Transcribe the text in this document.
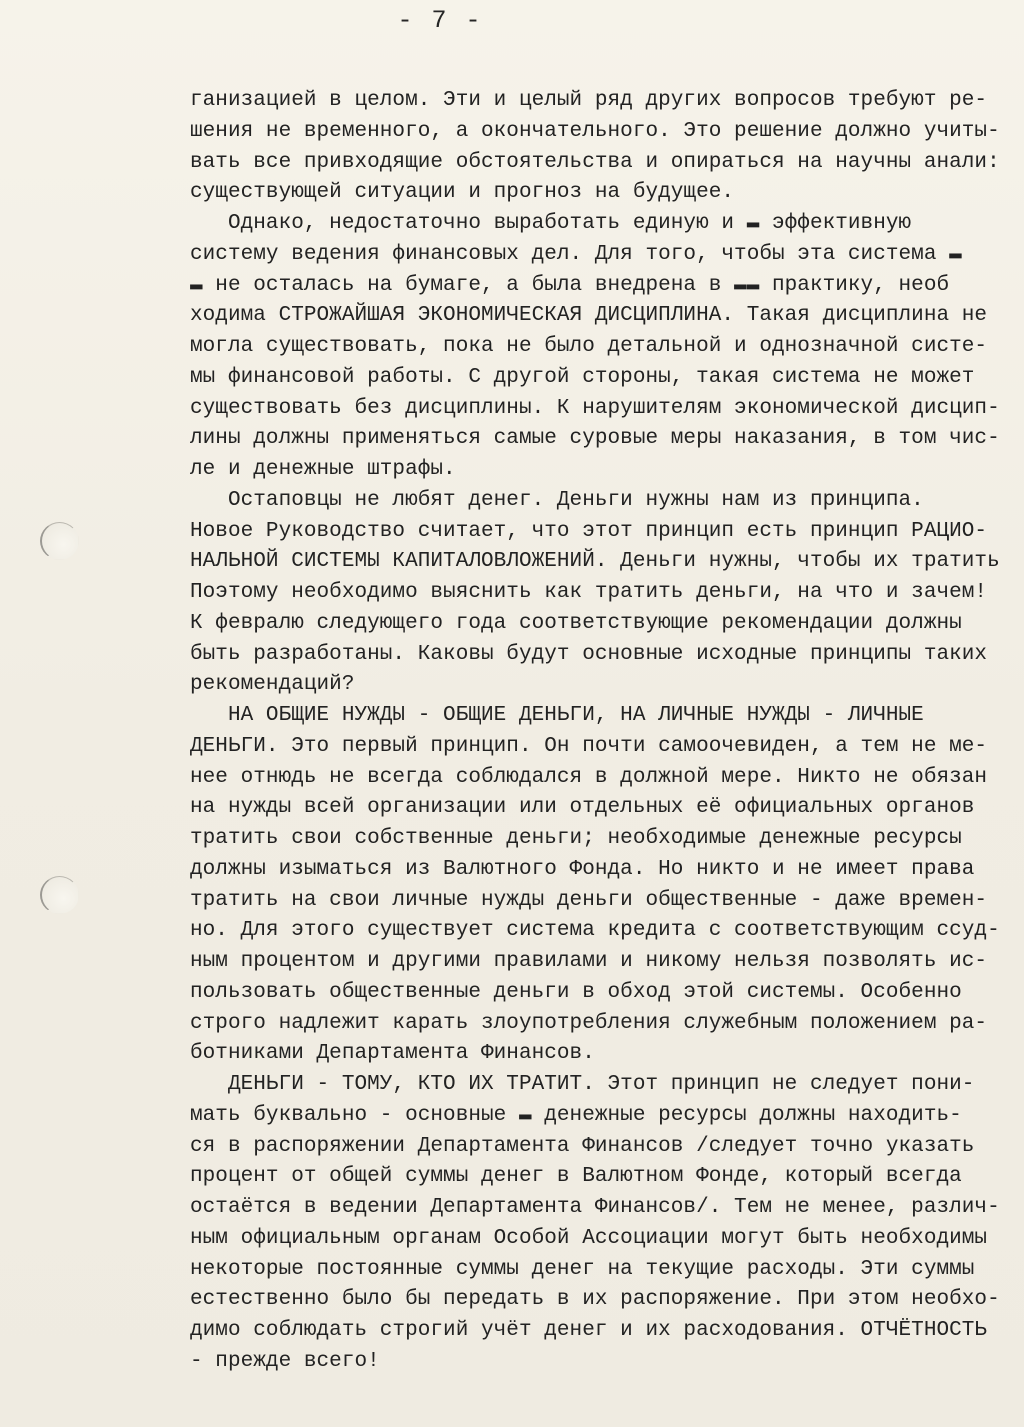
- 7 -
ганизацией в целом. Эти и целый ряд других вопросов требуют ре-
шения не временного, а окончательного. Это решение должно учиты-
вать все привходящие обстоятельства и опираться на научны анали:
существующей ситуации и прогноз на будущее.
Однако, недостаточно выработать единую и ▬ эффективную
систему ведения финансовых дел. Для того, чтобы эта система ▬
▬ не осталась на бумаге, а была внедрена в ▬▬ практику, необ
ходима СТРОЖАЙШАЯ ЭКОНОМИЧЕСКАЯ ДИСЦИПЛИНА. Такая дисциплина не
могла существовать, пока не было детальной и однозначной систе-
мы финансовой работы. С другой стороны, такая система не может
существовать без дисциплины. К нарушителям экономической дисцип-
лины должны применяться самые суровые меры наказания, в том чис-
ле и денежные штрафы.
Остаповцы не любят денег. Деньги нужны нам из принципа.
Новое Руководство считает, что этот принцип есть принцип РАЦИО-
НАЛЬНОЙ СИСТЕМЫ КАПИТАЛОВЛОЖЕНИЙ. Деньги нужны, чтобы их тратить
Поэтому необходимо выяснить как тратить деньги, на что и зачем!
К февралю следующего года соответствующие рекомендации должны
быть разработаны. Каковы будут основные исходные принципы таких
рекомендаций?
НА ОБЩИЕ НУЖДЫ - ОБЩИЕ ДЕНЬГИ, НА ЛИЧНЫЕ НУЖДЫ - ЛИЧНЫЕ
ДЕНЬГИ. Это первый принцип. Он почти самоочевиден, а тем не ме-
нее отнюдь не всегда соблюдался в должной мере. Никто не обязан
на нужды всей организации или отдельных её официальных органов
тратить свои собственные деньги; необходимые денежные ресурсы
должны изыматься из Валютного Фонда. Но никто и не имеет права
тратить на свои личные нужды деньги общественные - даже времен-
но. Для этого существует система кредита с соответствующим ссуд-
ным процентом и другими правилами и никому нельзя позволять ис-
пользовать общественные деньги в обход этой системы. Особенно
строго надлежит карать злоупотребления служебным положением ра-
ботниками Департамента Финансов.
ДЕНЬГИ - ТОМУ, КТО ИХ ТРАТИТ. Этот принцип не следует пони-
мать буквально - основные ▬ денежные ресурсы должны находить-
ся в распоряжении Департамента Финансов /следует точно указать
процент от общей суммы денег в Валютном Фонде, который всегда
остаётся в ведении Департамента Финансов/. Тем не менее, различ-
ным официальным органам Особой Ассоциации могут быть необходимы
некоторые постоянные суммы денег на текущие расходы. Эти суммы
естественно было бы передать в их распоряжение. При этом необхо-
димо соблюдать строгий учёт денег и их расходования. ОТЧЁТНОСТЬ
- прежде всего!
